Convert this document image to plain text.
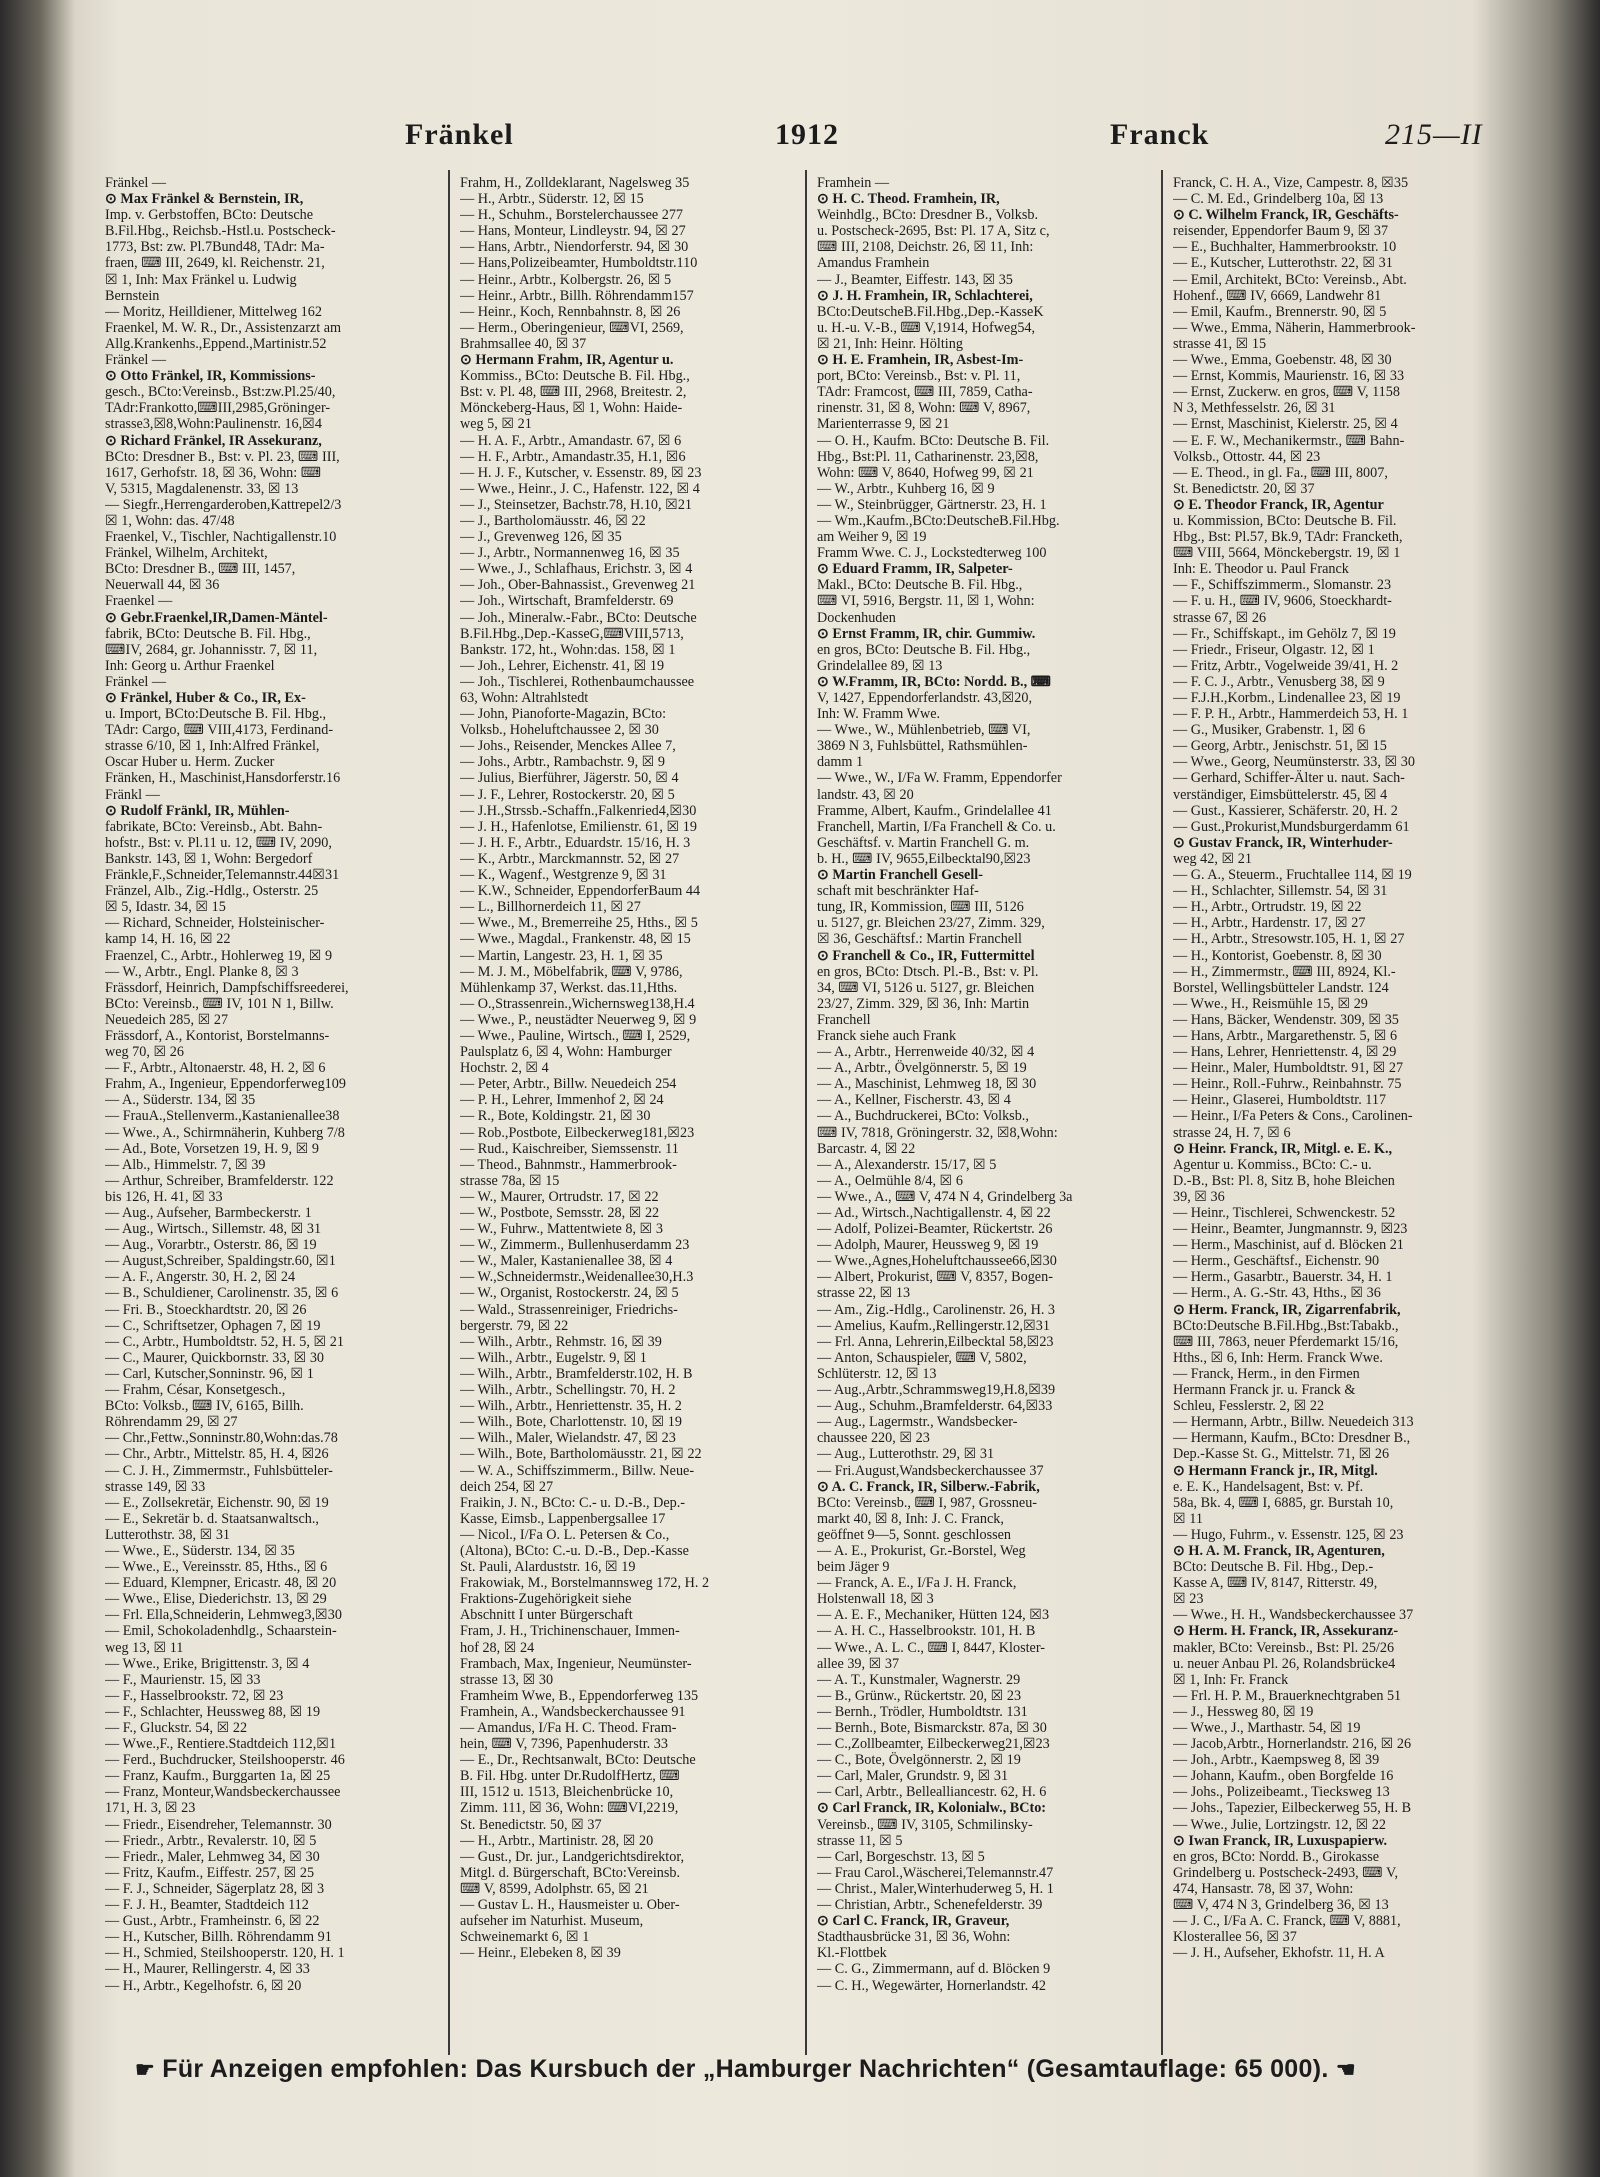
Fränkel	1912	Franck	215—II
Fränkel —
⊙ Max Fränkel & Bernstein, IR,
Imp. v. Gerbstoffen, BCto: Deutsche
B.Fil.Hbg., Reichsb.-Hstl.u. Postscheck-
1773, Bst: zw. Pl.7Bund48, TAdr: Ma-
fraen, ⌨ III, 2649, kl. Reichenstr. 21,
☒ 1, Inh: Max Fränkel u. Ludwig
Bernstein
— Moritz, Heilldiener, Mittelweg 162
Fraenkel, M. W. R., Dr., Assistenzarzt am
Allg.Krankenhs.,Eppend.,Martinistr.52
Fränkel —
⊙ Otto Fränkel, IR, Kommissions-
gesch., BCto:Vereinsb., Bst:zw.Pl.25/40,
TAdr:Frankotto,⌨III,2985,Gröninger-
strasse3,☒8,Wohn:Paulinenstr. 16,☒4
⊙ Richard Fränkel, IR Assekuranz,
BCto: Dresdner B., Bst: v. Pl. 23, ⌨ III,
1617, Gerhofstr. 18, ☒ 36, Wohn: ⌨
V, 5315, Magdalenenstr. 33, ☒ 13
— Siegfr.,Herrengarderoben,Kattrepel2/3
☒ 1, Wohn: das. 47/48
Fraenkel, V., Tischler, Nachtigallenstr.10
Fränkel, Wilhelm, Architekt,
BCto: Dresdner B., ⌨ III, 1457,
Neuerwall 44, ☒ 36
Fraenkel —
⊙ Gebr.Fraenkel,IR,Damen-Mäntel-
fabrik, BCto: Deutsche B. Fil. Hbg.,
⌨IV, 2684, gr. Johannisstr. 7, ☒ 11,
Inh: Georg u. Arthur Fraenkel
Fränkel —
⊙ Fränkel, Huber & Co., IR, Ex-
u. Import, BCto:Deutsche B. Fil. Hbg.,
TAdr: Cargo, ⌨ VIII,4173, Ferdinand-
strasse 6/10, ☒ 1, Inh:Alfred Fränkel,
Oscar Huber u. Herm. Zucker
Fränken, H., Maschinist,Hansdorferstr.16
Fränkl —
⊙ Rudolf Fränkl, IR, Mühlen-
fabrikate, BCto: Vereinsb., Abt. Bahn-
hofstr., Bst: v. Pl.11 u. 12, ⌨ IV, 2090,
Bankstr. 143, ☒ 1, Wohn: Bergedorf
Fränkle,F.,Schneider,Telemannstr.44☒31
Fränzel, Alb., Zig.-Hdlg., Osterstr. 25
☒ 5, Idastr. 34, ☒ 15
— Richard, Schneider, Holsteinischer-
kamp 14, H. 16, ☒ 22
Fraenzel, C., Arbtr., Hohlerweg 19, ☒ 9
— W., Arbtr., Engl. Planke 8, ☒ 3
Frässdorf, Heinrich, Dampfschiffsreederei,
BCto: Vereinsb., ⌨ IV, 101 N 1, Billw.
Neuedeich 285, ☒ 27
Frässdorf, A., Kontorist, Borstelmanns-
weg 70, ☒ 26
— F., Arbtr., Altonaerstr. 48, H. 2, ☒ 6
Frahm, A., Ingenieur, Eppendorferweg109
— A., Süderstr. 134, ☒ 35
— FrauA.,Stellenverm.,Kastanienallee38
— Wwe., A., Schirmnäherin, Kuhberg 7/8
— Ad., Bote, Vorsetzen 19, H. 9, ☒ 9
— Alb., Himmelstr. 7, ☒ 39
— Arthur, Schreiber, Bramfelderstr. 122
bis 126, H. 41, ☒ 33
— Aug., Aufseher, Barmbeckerstr. 1
— Aug., Wirtsch., Sillemstr. 48, ☒ 31
— Aug., Vorarbtr., Osterstr. 86, ☒ 19
— August,Schreiber, Spaldingstr.60, ☒1
— A. F., Angerstr. 30, H. 2, ☒ 24
— B., Schuldiener, Carolinenstr. 35, ☒ 6
— Fri. B., Stoeckhardtstr. 20, ☒ 26
— C., Schriftsetzer, Ophagen 7, ☒ 19
— C., Arbtr., Humboldtstr. 52, H. 5, ☒ 21
— C., Maurer, Quickbornstr. 33, ☒ 30
— Carl, Kutscher,Sonninstr. 96, ☒ 1
— Frahm, César, Konsetgesch.,
BCto: Volksb., ⌨ IV, 6165, Billh.
Röhrendamm 29, ☒ 27
— Chr.,Fettw.,Sonninstr.80,Wohn:das.78
— Chr., Arbtr., Mittelstr. 85, H. 4, ☒26
— C. J. H., Zimmermstr., Fuhlsbütteler-
strasse 149, ☒ 33
— E., Zollsekretär, Eichenstr. 90, ☒ 19
— E., Sekretär b. d. Staatsanwaltsch.,
Lutterothstr. 38, ☒ 31
— Wwe., E., Süderstr. 134, ☒ 35
— Wwe., E., Vereinsstr. 85, Hths., ☒ 6
— Eduard, Klempner, Ericastr. 48, ☒ 20
— Wwe., Elise, Diederichstr. 13, ☒ 29
— Frl. Ella,Schneiderin, Lehmweg3,☒30
— Emil, Schokoladenhdlg., Schaarstein-
weg 13, ☒ 11
— Wwe., Erike, Brigittenstr. 3, ☒ 4
— F., Maurienstr. 15, ☒ 33
— F., Hasselbrookstr. 72, ☒ 23
— F., Schlachter, Heussweg 88, ☒ 19
— F., Gluckstr. 54, ☒ 22
— Wwe.,F., Rentiere.Stadtdeich 112,☒1
— Ferd., Buchdrucker, Steilshooperstr. 46
— Franz, Kaufm., Burggarten 1a, ☒ 25
— Franz, Monteur,Wandsbeckerchaussee
171, H. 3, ☒ 23
— Friedr., Eisendreher, Telemannstr. 30
— Friedr., Arbtr., Revalerstr. 10, ☒ 5
— Friedr., Maler, Lehmweg 34, ☒ 30
— Fritz, Kaufm., Eiffestr. 257, ☒ 25
— F. J., Schneider, Sägerplatz 28, ☒ 3
— F. J. H., Beamter, Stadtdeich 112
— Gust., Arbtr., Framheinstr. 6, ☒ 22
— H., Kutscher, Billh. Röhrendamm 91
— H., Schmied, Steilshooperstr. 120, H. 1
— H., Maurer, Rellingerstr. 4, ☒ 33
— H., Arbtr., Kegelhofstr. 6, ☒ 20
Frahm, H., Zolldeklarant, Nagelsweg 35
— H., Arbtr., Süderstr. 12, ☒ 15
— H., Schuhm., Borstelerchaussee 277
— Hans, Monteur, Lindleystr. 94, ☒ 27
— Hans, Arbtr., Niendorferstr. 94, ☒ 30
— Hans,Polizeibeamter, Humboldtstr.110
— Heinr., Arbtr., Kolbergstr. 26, ☒ 5
— Heinr., Arbtr., Billh. Röhrendamm157
— Heinr., Koch, Rennbahnstr. 8, ☒ 26
— Herm., Oberingenieur, ⌨VI, 2569,
Brahmsallee 40, ☒ 37
⊙ Hermann Frahm, IR, Agentur u.
Kommiss., BCto: Deutsche B. Fil. Hbg.,
Bst: v. Pl. 48, ⌨ III, 2968, Breitestr. 2,
Mönckeberg-Haus, ☒ 1, Wohn: Haide-
weg 5, ☒ 21
— H. A. F., Arbtr., Amandastr. 67, ☒ 6
— H. F., Arbtr., Amandastr.35, H.1, ☒6
— H. J. F., Kutscher, v. Essenstr. 89, ☒ 23
— Wwe., Heinr., J. C., Hafenstr. 122, ☒ 4
— J., Steinsetzer, Bachstr.78, H.10, ☒21
— J., Bartholomäusstr. 46, ☒ 22
— J., Grevenweg 126, ☒ 35
— J., Arbtr., Normannenweg 16, ☒ 35
— Wwe., J., Schlafhaus, Erichstr. 3, ☒ 4
— Joh., Ober-Bahnassist., Grevenweg 21
— Joh., Wirtschaft, Bramfelderstr. 69
— Joh., Mineralw.-Fabr., BCto: Deutsche
B.Fil.Hbg.,Dep.-KasseG,⌨VIII,5713,
Bankstr. 172, ht., Wohn:das. 158, ☒ 1
— Joh., Lehrer, Eichenstr. 41, ☒ 19
— Joh., Tischlerei, Rothenbaumchaussee
63, Wohn: Altrahlstedt
— John, Pianoforte-Magazin, BCto:
Volksb., Hoheluftchaussee 2, ☒ 30
— Johs., Reisender, Menckes Allee 7,
— Johs., Arbtr., Rambachstr. 9, ☒ 9
— Julius, Bierführer, Jägerstr. 50, ☒ 4
— J. F., Lehrer, Rostockerstr. 20, ☒ 5
— J.H.,Strssb.-Schaffn.,Falkenried4,☒30
— J. H., Hafenlotse, Emilienstr. 61, ☒ 19
— J. H. F., Arbtr., Eduardstr. 15/16, H. 3
— K., Arbtr., Marckmannstr. 52, ☒ 27
— K., Wagenf., Westgrenze 9, ☒ 31
— K.W., Schneider, EppendorferBaum 44
— L., Billhornerdeich 11, ☒ 27
— Wwe., M., Bremerreihe 25, Hths., ☒ 5
— Wwe., Magdal., Frankenstr. 48, ☒ 15
— Martin, Langestr. 23, H. 1, ☒ 35
— M. J. M., Möbelfabrik, ⌨ V, 9786,
Mühlenkamp 37, Werkst. das.11,Hths.
— O.,Strassenrein.,Wichernsweg138,H.4
— Wwe., P., neustädter Neuerweg 9, ☒ 9
— Wwe., Pauline, Wirtsch., ⌨ I, 2529,
Paulsplatz 6, ☒ 4, Wohn: Hamburger
Hochstr. 2, ☒ 4
— Peter, Arbtr., Billw. Neuedeich 254
— P. H., Lehrer, Immenhof 2, ☒ 24
— R., Bote, Koldingstr. 21, ☒ 30
— Rob.,Postbote, Eilbeckerweg181,☒23
— Rud., Kaischreiber, Siemssenstr. 11
— Theod., Bahnmstr., Hammerbrook-
strasse 78a, ☒ 15
— W., Maurer, Ortrudstr. 17, ☒ 22
— W., Postbote, Semsstr. 28, ☒ 22
— W., Fuhrw., Mattentwiete 8, ☒ 3
— W., Zimmerm., Bullenhuserdamm 23
— W., Maler, Kastanienallee 38, ☒ 4
— W.,Schneidermstr.,Weidenallee30,H.3
— W., Organist, Rostockerstr. 24, ☒ 5
— Wald., Strassenreiniger, Friedrichs-
bergerstr. 79, ☒ 22
— Wilh., Arbtr., Rehmstr. 16, ☒ 39
— Wilh., Arbtr., Eugelstr. 9, ☒ 1
— Wilh., Arbtr., Bramfelderstr.102, H. B
— Wilh., Arbtr., Schellingstr. 70, H. 2
— Wilh., Arbtr., Henriettenstr. 35, H. 2
— Wilh., Bote, Charlottenstr. 10, ☒ 19
— Wilh., Maler, Wielandstr. 47, ☒ 23
— Wilh., Bote, Bartholomäusstr. 21, ☒ 22
— W. A., Schiffszimmerm., Billw. Neue-
deich 254, ☒ 27
Fraikin, J. N., BCto: C.- u. D.-B., Dep.-
Kasse, Eimsb., Lappenbergsallee 17
— Nicol., I/Fa O. L. Petersen & Co.,
(Altona), BCto: C.-u. D.-B., Dep.-Kasse
St. Pauli, Alarduststr. 16, ☒ 19
Frakowiak, M., Borstelmannsweg 172, H. 2
Fraktions-Zugehörigkeit siehe
Abschnitt I unter Bürgerschaft
Fram, J. H., Trichinenschauer, Immen-
hof 28, ☒ 24
Frambach, Max, Ingenieur, Neumünster-
strasse 13, ☒ 30
Framheim Wwe, B., Eppendorferweg 135
Framhein, A., Wandsbeckerchaussee 91
— Amandus, I/Fa H. C. Theod. Fram-
hein, ⌨ V, 7396, Papenhuderstr. 33
— E., Dr., Rechtsanwalt, BCto: Deutsche
B. Fil. Hbg. unter Dr.RudolfHertz, ⌨
III, 1512 u. 1513, Bleichenbrücke 10,
Zimm. 111, ☒ 36, Wohn: ⌨VI,2219,
St. Benedictstr. 50, ☒ 37
— H., Arbtr., Martinistr. 28, ☒ 20
— Gust., Dr. jur., Landgerichtsdirektor,
Mitgl. d. Bürgerschaft, BCto:Vereinsb.
⌨ V, 8599, Adolphstr. 65, ☒ 21
— Gustav L. H., Hausmeister u. Ober-
aufseher im Naturhist. Museum,
Schweinemarkt 6, ☒ 1
— Heinr., Elebeken 8, ☒ 39
Framhein —
⊙ H. C. Theod. Framhein, IR,
Weinhdlg., BCto: Dresdner B., Volksb.
u. Postscheck-2695, Bst: Pl. 17 A, Sitz c,
⌨ III, 2108, Deichstr. 26, ☒ 11, Inh:
Amandus Framhein
— J., Beamter, Eiffestr. 143, ☒ 35
⊙ J. H. Framhein, IR, Schlachterei,
BCto:DeutscheB.Fil.Hbg.,Dep.-KasseK
u. H.-u. V.-B., ⌨ V,1914, Hofweg54,
☒ 21, Inh: Heinr. Hölting
⊙ H. E. Framhein, IR, Asbest-Im-
port, BCto: Vereinsb., Bst: v. Pl. 11,
TAdr: Framcost, ⌨ III, 7859, Catha-
rinenstr. 31, ☒ 8, Wohn: ⌨ V, 8967,
Marienterrasse 9, ☒ 21
— O. H., Kaufm. BCto: Deutsche B. Fil.
Hbg., Bst:Pl. 11, Catharinenstr. 23,☒8,
Wohn: ⌨ V, 8640, Hofweg 99, ☒ 21
— W., Arbtr., Kuhberg 16, ☒ 9
— W., Steinbrügger, Gärtnerstr. 23, H. 1
— Wm.,Kaufm.,BCto:DeutscheB.Fil.Hbg.
am Weiher 9, ☒ 19
Framm Wwe. C. J., Lockstedterweg 100
⊙ Eduard Framm, IR, Salpeter-
Makl., BCto: Deutsche B. Fil. Hbg.,
⌨ VI, 5916, Bergstr. 11, ☒ 1, Wohn:
Dockenhuden
⊙ Ernst Framm, IR, chir. Gummiw.
en gros, BCto: Deutsche B. Fil. Hbg.,
Grindelallee 89, ☒ 13
⊙ W.Framm, IR, BCto: Nordd. B., ⌨
V, 1427, Eppendorferlandstr. 43,☒20,
Inh: W. Framm Wwe.
— Wwe., W., Mühlenbetrieb, ⌨ VI,
3869 N 3, Fuhlsbüttel, Rathsmühlen-
damm 1
— Wwe., W., I/Fa W. Framm, Eppendorfer
landstr. 43, ☒ 20
Framme, Albert, Kaufm., Grindelallee 41
Franchell, Martin, I/Fa Franchell & Co. u.
Geschäftsf. v. Martin Franchell G. m.
b. H., ⌨ IV, 9655,Eilbecktal90,☒23
⊙ Martin Franchell Gesell-
schaft mit beschränkter Haf-
tung, IR, Kommission, ⌨ III, 5126
u. 5127, gr. Bleichen 23/27, Zimm. 329,
☒ 36, Geschäftsf.: Martin Franchell
⊙ Franchell & Co., IR, Futtermittel
en gros, BCto: Dtsch. Pl.-B., Bst: v. Pl.
34, ⌨ VI, 5126 u. 5127, gr. Bleichen
23/27, Zimm. 329, ☒ 36, Inh: Martin
Franchell
Franck siehe auch Frank
— A., Arbtr., Herrenweide 40/32, ☒ 4
— A., Arbtr., Övelgönnerstr. 5, ☒ 19
— A., Maschinist, Lehmweg 18, ☒ 30
— A., Kellner, Fischerstr. 43, ☒ 4
— A., Buchdruckerei, BCto: Volksb.,
⌨ IV, 7818, Gröningerstr. 32, ☒8,Wohn:
Barcastr. 4, ☒ 22
— A., Alexanderstr. 15/17, ☒ 5
— A., Oelmühle 8/4, ☒ 6
— Wwe., A., ⌨ V, 474 N 4, Grindelberg 3a
— Ad., Wirtsch.,Nachtigallenstr. 4, ☒ 22
— Adolf, Polizei-Beamter, Rückertstr. 26
— Adolph, Maurer, Heussweg 9, ☒ 19
— Wwe.,Agnes,Hoheluftchaussee66,☒30
— Albert, Prokurist, ⌨ V, 8357, Bogen-
strasse 22, ☒ 13
— Am., Zig.-Hdlg., Carolinenstr. 26, H. 3
— Amelius, Kaufm.,Rellingerstr.12,☒31
— Frl. Anna, Lehrerin,Eilbecktal 58,☒23
— Anton, Schauspieler, ⌨ V, 5802,
Schlüterstr. 12, ☒ 13
— Aug.,Arbtr.,Schrammsweg19,H.8,☒39
— Aug., Schuhm.,Bramfelderstr. 64,☒33
— Aug., Lagermstr., Wandsbecker-
chaussee 220, ☒ 23
— Aug., Lutterothstr. 29, ☒ 31
— Fri.August,Wandsbeckerchaussee 37
⊙ A. C. Franck, IR, Silberw.-Fabrik,
BCto: Vereinsb., ⌨ I, 987, Grossneu-
markt 40, ☒ 8, Inh: J. C. Franck,
geöffnet 9—5, Sonnt. geschlossen
— A. E., Prokurist, Gr.-Borstel, Weg
beim Jäger 9
— Franck, A. E., I/Fa J. H. Franck,
Holstenwall 18, ☒ 3
— A. E. F., Mechaniker, Hütten 124, ☒3
— A. H. C., Hasselbrookstr. 101, H. B
— Wwe., A. L. C., ⌨ I, 8447, Kloster-
allee 39, ☒ 37
— A. T., Kunstmaler, Wagnerstr. 29
— B., Grünw., Rückertstr. 20, ☒ 23
— Bernh., Trödler, Humboldtstr. 131
— Bernh., Bote, Bismarckstr. 87a, ☒ 30
— C.,Zollbeamter, Eilbeckerweg21,☒23
— C., Bote, Övelgönnerstr. 2, ☒ 19
— Carl, Maler, Grundstr. 9, ☒ 31
— Carl, Arbtr., Bellealliancestr. 62, H. 6
⊙ Carl Franck, IR, Kolonialw., BCto:
Vereinsb., ⌨ IV, 3105, Schmilinsky-
strasse 11, ☒ 5
— Carl, Borgeschstr. 13, ☒ 5
— Frau Carol.,Wäscherei,Telemannstr.47
— Christ., Maler,Winterhuderweg 5, H. 1
— Christian, Arbtr., Schenefelderstr. 39
⊙ Carl C. Franck, IR, Graveur,
Stadthausbrücke 31, ☒ 36, Wohn:
Kl.-Flottbek
— C. G., Zimmermann, auf d. Blöcken 9
— C. H., Wegewärter, Hornerlandstr. 42
Franck, C. H. A., Vize, Campestr. 8, ☒35
— C. M. Ed., Grindelberg 10a, ☒ 13
⊙ C. Wilhelm Franck, IR, Geschäfts-
reisender, Eppendorfer Baum 9, ☒ 37
— E., Buchhalter, Hammerbrookstr. 10
— E., Kutscher, Lutterothstr. 22, ☒ 31
— Emil, Architekt, BCto: Vereinsb., Abt.
Hohenf., ⌨ IV, 6669, Landwehr 81
— Emil, Kaufm., Brennerstr. 90, ☒ 5
— Wwe., Emma, Näherin, Hammerbrook-
strasse 41, ☒ 15
— Wwe., Emma, Goebenstr. 48, ☒ 30
— Ernst, Kommis, Maurienstr. 16, ☒ 33
— Ernst, Zuckerw. en gros, ⌨ V, 1158
N 3, Methfesselstr. 26, ☒ 31
— Ernst, Maschinist, Kielerstr. 25, ☒ 4
— E. F. W., Mechanikermstr., ⌨ Bahn-
Volksb., Ottostr. 44, ☒ 23
— E. Theod., in gl. Fa., ⌨ III, 8007,
St. Benedictstr. 20, ☒ 37
⊙ E. Theodor Franck, IR, Agentur
u. Kommission, BCto: Deutsche B. Fil.
Hbg., Bst: Pl.57, Bk.9, TAdr: Francketh,
⌨ VIII, 5664, Mönckebergstr. 19, ☒ 1
Inh: E. Theodor u. Paul Franck
— F., Schiffszimmerm., Slomanstr. 23
— F. u. H., ⌨ IV, 9606, Stoeckhardt-
strasse 67, ☒ 26
— Fr., Schiffskapt., im Gehölz 7, ☒ 19
— Friedr., Friseur, Olgastr. 12, ☒ 1
— Fritz, Arbtr., Vogelweide 39/41, H. 2
— F. C. J., Arbtr., Venusberg 38, ☒ 9
— F.J.H.,Korbm., Lindenallee 23, ☒ 19
— F. P. H., Arbtr., Hammerdeich 53, H. 1
— G., Musiker, Grabenstr. 1, ☒ 6
— Georg, Arbtr., Jenischstr. 51, ☒ 15
— Wwe., Georg, Neumünsterstr. 33, ☒ 30
— Gerhard, Schiffer-Älter u. naut. Sach-
verständiger, Eimsbüttelerstr. 45, ☒ 4
— Gust., Kassierer, Schäferstr. 20, H. 2
— Gust.,Prokurist,Mundsburgerdamm 61
⊙ Gustav Franck, IR, Winterhuder-
weg 42, ☒ 21
— G. A., Steuerm., Fruchtallee 114, ☒ 19
— H., Schlachter, Sillemstr. 54, ☒ 31
— H., Arbtr., Ortrudstr. 19, ☒ 22
— H., Arbtr., Hardenstr. 17, ☒ 27
— H., Arbtr., Stresowstr.105, H. 1, ☒ 27
— H., Kontorist, Goebenstr. 8, ☒ 30
— H., Zimmermstr., ⌨ III, 8924, Kl.-
Borstel, Wellingsbütteler Landstr. 124
— Wwe., H., Reismühle 15, ☒ 29
— Hans, Bäcker, Wendenstr. 309, ☒ 35
— Hans, Arbtr., Margarethenstr. 5, ☒ 6
— Hans, Lehrer, Henriettenstr. 4, ☒ 29
— Heinr., Maler, Humboldtstr. 91, ☒ 27
— Heinr., Roll.-Fuhrw., Reinbahnstr. 75
— Heinr., Glaserei, Humboldtstr. 117
— Heinr., I/Fa Peters & Cons., Carolinen-
strasse 24, H. 7, ☒ 6
⊙ Heinr. Franck, IR, Mitgl. e. E. K.,
Agentur u. Kommiss., BCto: C.- u.
D.-B., Bst: Pl. 8, Sitz B, hohe Bleichen
39, ☒ 36
— Heinr., Tischlerei, Schwenckestr. 52
— Heinr., Beamter, Jungmannstr. 9, ☒23
— Herm., Maschinist, auf d. Blöcken 21
— Herm., Geschäftsf., Eichenstr. 90
— Herm., Gasarbtr., Bauerstr. 34, H. 1
— Herm., A. G.-Str. 43, Hths., ☒ 36
⊙ Herm. Franck, IR, Zigarrenfabrik,
BCto:Deutsche B.Fil.Hbg.,Bst:Tabakb.,
⌨ III, 7863, neuer Pferdemarkt 15/16,
Hths., ☒ 6, Inh: Herm. Franck Wwe.
— Franck, Herm., in den Firmen
Hermann Franck jr. u. Franck &
Schleu, Fesslerstr. 2, ☒ 22
— Hermann, Arbtr., Billw. Neuedeich 313
— Hermann, Kaufm., BCto: Dresdner B.,
Dep.-Kasse St. G., Mittelstr. 71, ☒ 26
⊙ Hermann Franck jr., IR, Mitgl.
e. E. K., Handelsagent, Bst: v. Pf.
58a, Bk. 4, ⌨ I, 6885, gr. Burstah 10,
☒ 11
— Hugo, Fuhrm., v. Essenstr. 125, ☒ 23
⊙ H. A. M. Franck, IR, Agenturen,
BCto: Deutsche B. Fil. Hbg., Dep.-
Kasse A, ⌨ IV, 8147, Ritterstr. 49,
☒ 23
— Wwe., H. H., Wandsbeckerchaussee 37
⊙ Herm. H. Franck, IR, Assekuranz-
makler, BCto: Vereinsb., Bst: Pl. 25/26
u. neuer Anbau Pl. 26, Rolandsbrücke4
☒ 1, Inh: Fr. Franck
— Frl. H. P. M., Brauerknechtgraben 51
— J., Hessweg 80, ☒ 19
— Wwe., J., Marthastr. 54, ☒ 19
— Jacob,Arbtr., Hornerlandstr. 216, ☒ 26
— Joh., Arbtr., Kaempsweg 8, ☒ 39
— Johann, Kaufm., oben Borgfelde 16
— Johs., Polizeibeamt., Tiecksweg 13
— Johs., Tapezier, Eilbeckerweg 55, H. B
— Wwe., Julie, Lortzingstr. 12, ☒ 22
⊙ Iwan Franck, IR, Luxuspapierw.
en gros, BCto: Nordd. B., Girokasse
Grindelberg u. Postscheck-2493, ⌨ V,
474, Hansastr. 78, ☒ 37, Wohn:
⌨ V, 474 N 3, Grindelberg 36, ☒ 13
— J. C., I/Fa A. C. Franck, ⌨ V, 8881,
Klosterallee 56, ☒ 37
— J. H., Aufseher, Ekhofstr. 11, H. A
☛ Für Anzeigen empfohlen: Das Kursbuch der „Hamburger Nachrichten“ (Gesamtauflage: 65 000). ☚
